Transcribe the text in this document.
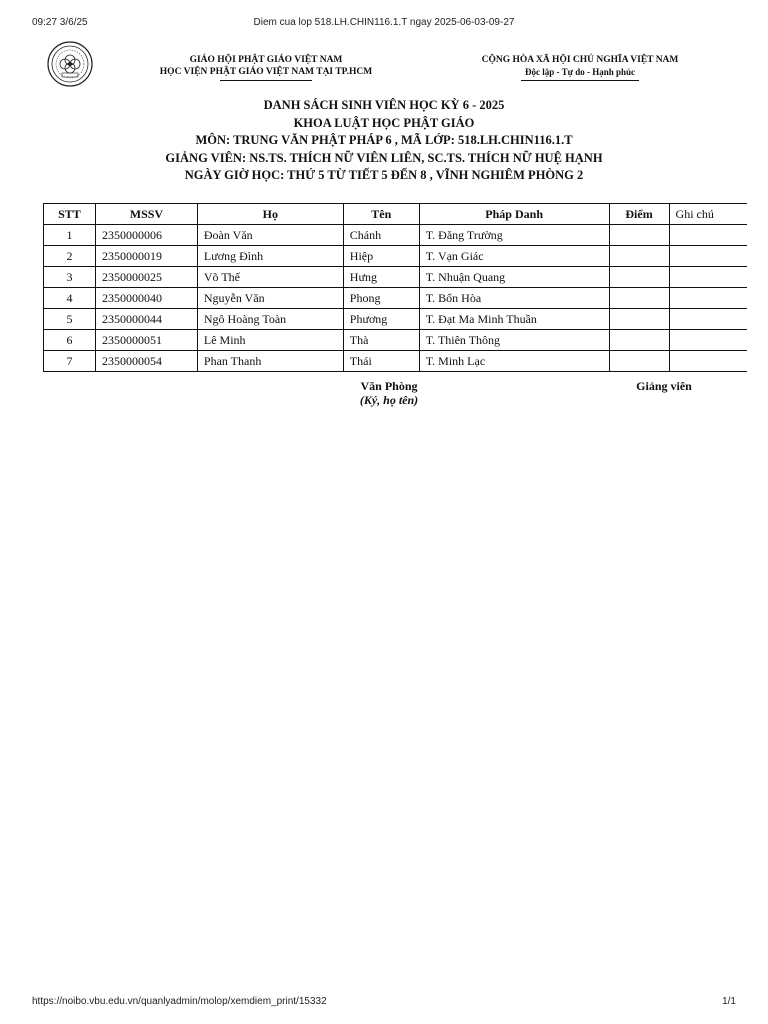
09:27 3/6/25	Diem cua lop 518.LH.CHIN116.1.T ngay 2025-06-03-09-27
GIÁO HỘI PHẬT GIÁO VIỆT NAM
HỌC VIỆN PHẬT GIÁO VIỆT NAM TẠI TP.HCM
CỘNG HÒA XÃ HỘI CHỦ NGHĨA VIỆT NAM
Độc lập - Tự do - Hạnh phúc
DANH SÁCH SINH VIÊN HỌC KỲ 6 - 2025
KHOA LUẬT HỌC PHẬT GIÁO
MÔN: TRUNG VĂN PHẬT PHÁP 6 , MÃ LỚP: 518.LH.CHIN116.1.T
GIẢNG VIÊN: NS.TS. THÍCH NỮ VIÊN LIÊN, SC.TS. THÍCH NỮ HUỆ HẠNH
NGÀY GIỜ HỌC: THỨ 5 TỪ TIẾT 5 ĐẾN 8 , VĨNH NGHIÊM PHÒNG 2
STT	MSSV	Họ	Tên	Pháp Danh	Điểm	Ghi chú
1	2350000006	Đoàn Văn	Chánh	T. Đăng Trường		
2	2350000019	Lương Đình	Hiệp	T. Vạn Giác		
3	2350000025	Võ Thế	Hưng	T. Nhuận Quang		
4	2350000040	Nguyễn Văn	Phong	T. Bổn Hòa		
5	2350000044	Ngô Hoàng Toàn	Phương	T. Đạt Ma Minh Thuần		
6	2350000051	Lê Minh	Thà	T. Thiên Thông		
7	2350000054	Phan Thanh	Thái	T. Minh Lạc		
Văn Phòng
(Ký, họ tên)
Giảng viên
https://noibo.vbu.edu.vn/quanlyadmin/molop/xemdiem_print/15332	1/1
